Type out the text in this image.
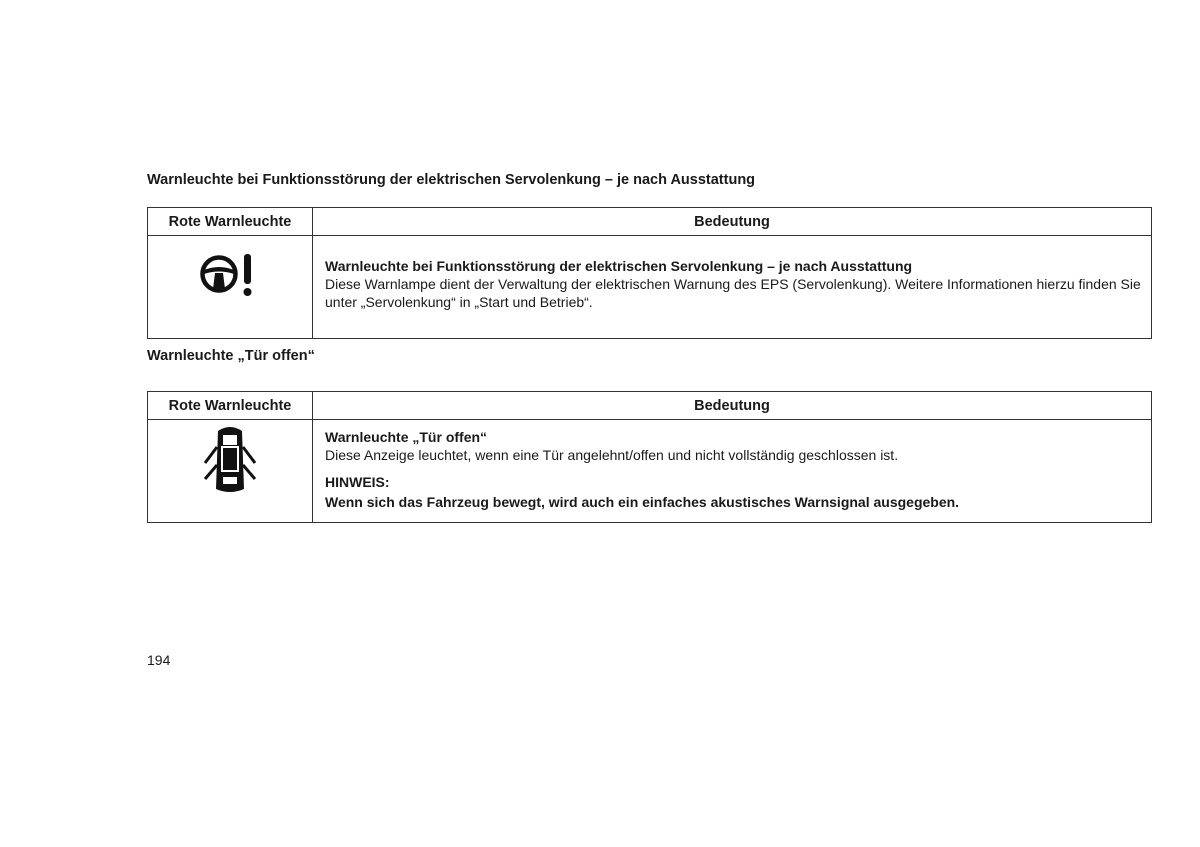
Warnleuchte bei Funktionsstörung der elektrischen Servolenkung – je nach Ausstattung

Rote Warnleuchte	Bedeutung

Warnleuchte bei Funktionsstörung der elektrischen Servolenkung – je nach Ausstattung

Diese Warnlampe dient der Verwaltung der elektrischen Warnung des EPS (Servolenkung). Weitere Informationen hierzu finden Sie unter „Servolenkung“ in „Start und Betrieb“.

Warnleuchte „Tür offen“

Rote Warnleuchte	Bedeutung

Warnleuchte „Tür offen“

Diese Anzeige leuchtet, wenn eine Tür angelehnt/offen und nicht vollständig geschlossen ist.

HINWEIS:

Wenn sich das Fahrzeug bewegt, wird auch ein einfaches akustisches Warnsignal ausgegeben.

194
